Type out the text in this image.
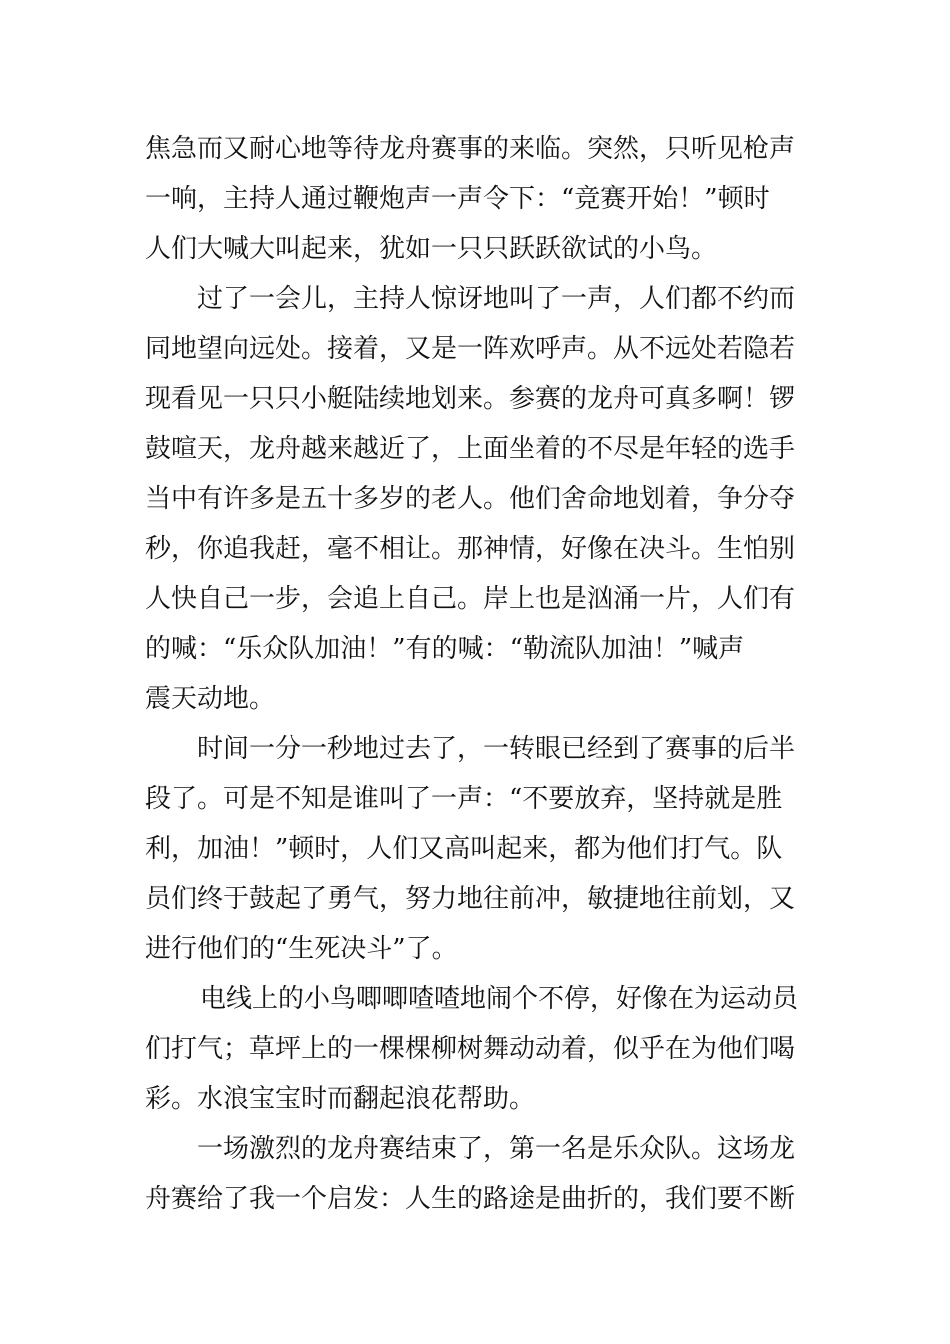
焦急而又耐心地等待龙舟赛事的来临。突然，只听见枪声
一响，主持人通过鞭炮声一声令下：“竞赛开始！”顿时
人们大喊大叫起来，犹如一只只跃跃欲试的小鸟。
过了一会儿，主持人惊讶地叫了一声，人们都不约而
同地望向远处。接着，又是一阵欢呼声。从不远处若隐若
现看见一只只小艇陆续地划来。参赛的龙舟可真多啊！锣
鼓喧天，龙舟越来越近了，上面坐着的不尽是年轻的选手
当中有许多是五十多岁的老人。他们舍命地划着，争分夺
秒，你追我赶，毫不相让。那神情，好像在决斗。生怕别
人快自己一步，会追上自己。岸上也是汹涌一片，人们有
的喊：“乐众队加油！”有的喊：“勒流队加油！”喊声
震天动地。
时间一分一秒地过去了，一转眼已经到了赛事的后半
段了。可是不知是谁叫了一声：“不要放弃，坚持就是胜
利，加油！”顿时，人们又高叫起来，都为他们打气。队
员们终于鼓起了勇气，努力地往前冲，敏捷地往前划，又
进行他们的“生死决斗”了。
电线上的小鸟唧唧喳喳地闹个不停，好像在为运动员
们打气；草坪上的一棵棵柳树舞动动着，似乎在为他们喝
彩。水浪宝宝时而翻起浪花帮助。
一场激烈的龙舟赛结束了，第一名是乐众队。这场龙
舟赛给了我一个启发：人生的路途是曲折的，我们要不断
